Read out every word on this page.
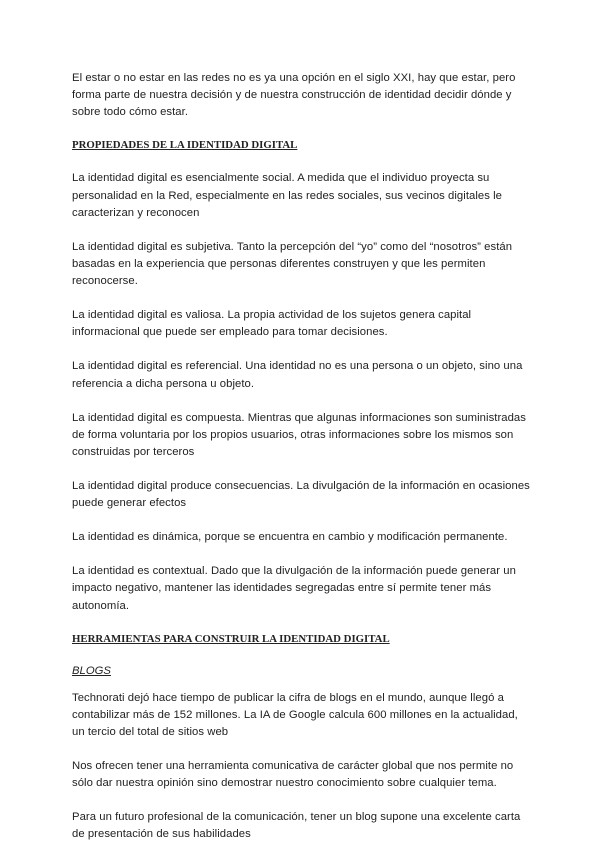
El estar o no estar en las redes no es ya una opción en el siglo XXI, hay que estar, pero forma parte de nuestra decisión y de nuestra construcción de identidad decidir dónde y sobre todo cómo estar.

PROPIEDADES DE LA IDENTIDAD DIGITAL

La identidad digital es esencialmente social. A medida que el individuo proyecta su personalidad en la Red, especialmente en las redes sociales, sus vecinos digitales le caracterizan y reconocen

La identidad digital es subjetiva. Tanto la percepción del “yo” como del “nosotros” están basadas en la experiencia que personas diferentes construyen y que les permiten reconocerse.

La identidad digital es valiosa. La propia actividad de los sujetos genera capital informacional que puede ser empleado para tomar decisiones.

La identidad digital es referencial. Una identidad no es una persona o un objeto, sino una referencia a dicha persona u objeto.

La identidad digital es compuesta. Mientras que algunas informaciones son suministradas de forma voluntaria por los propios usuarios, otras informaciones sobre los mismos son construidas por terceros

La identidad digital produce consecuencias. La divulgación de la información en ocasiones puede generar efectos

La identidad es dinámica, porque se encuentra en cambio y modificación permanente.

La identidad es contextual. Dado que la divulgación de la información puede generar un impacto negativo, mantener las identidades segregadas entre sí permite tener más autonomía.

HERRAMIENTAS PARA CONSTRUIR LA IDENTIDAD DIGITAL
BLOGS

Technorati dejó hace tiempo de publicar la cifra de blogs en el mundo, aunque llegó a contabilizar más de 152 millones. La IA de Google calcula 600 millones en la actualidad, un tercio del total de sitios web

Nos ofrecen tener una herramienta comunicativa de carácter global que nos permite no sólo dar nuestra opinión sino demostrar nuestro conocimiento sobre cualquier tema.

Para un futuro profesional de la comunicación, tener un blog supone una excelente carta de presentación de sus habilidades
